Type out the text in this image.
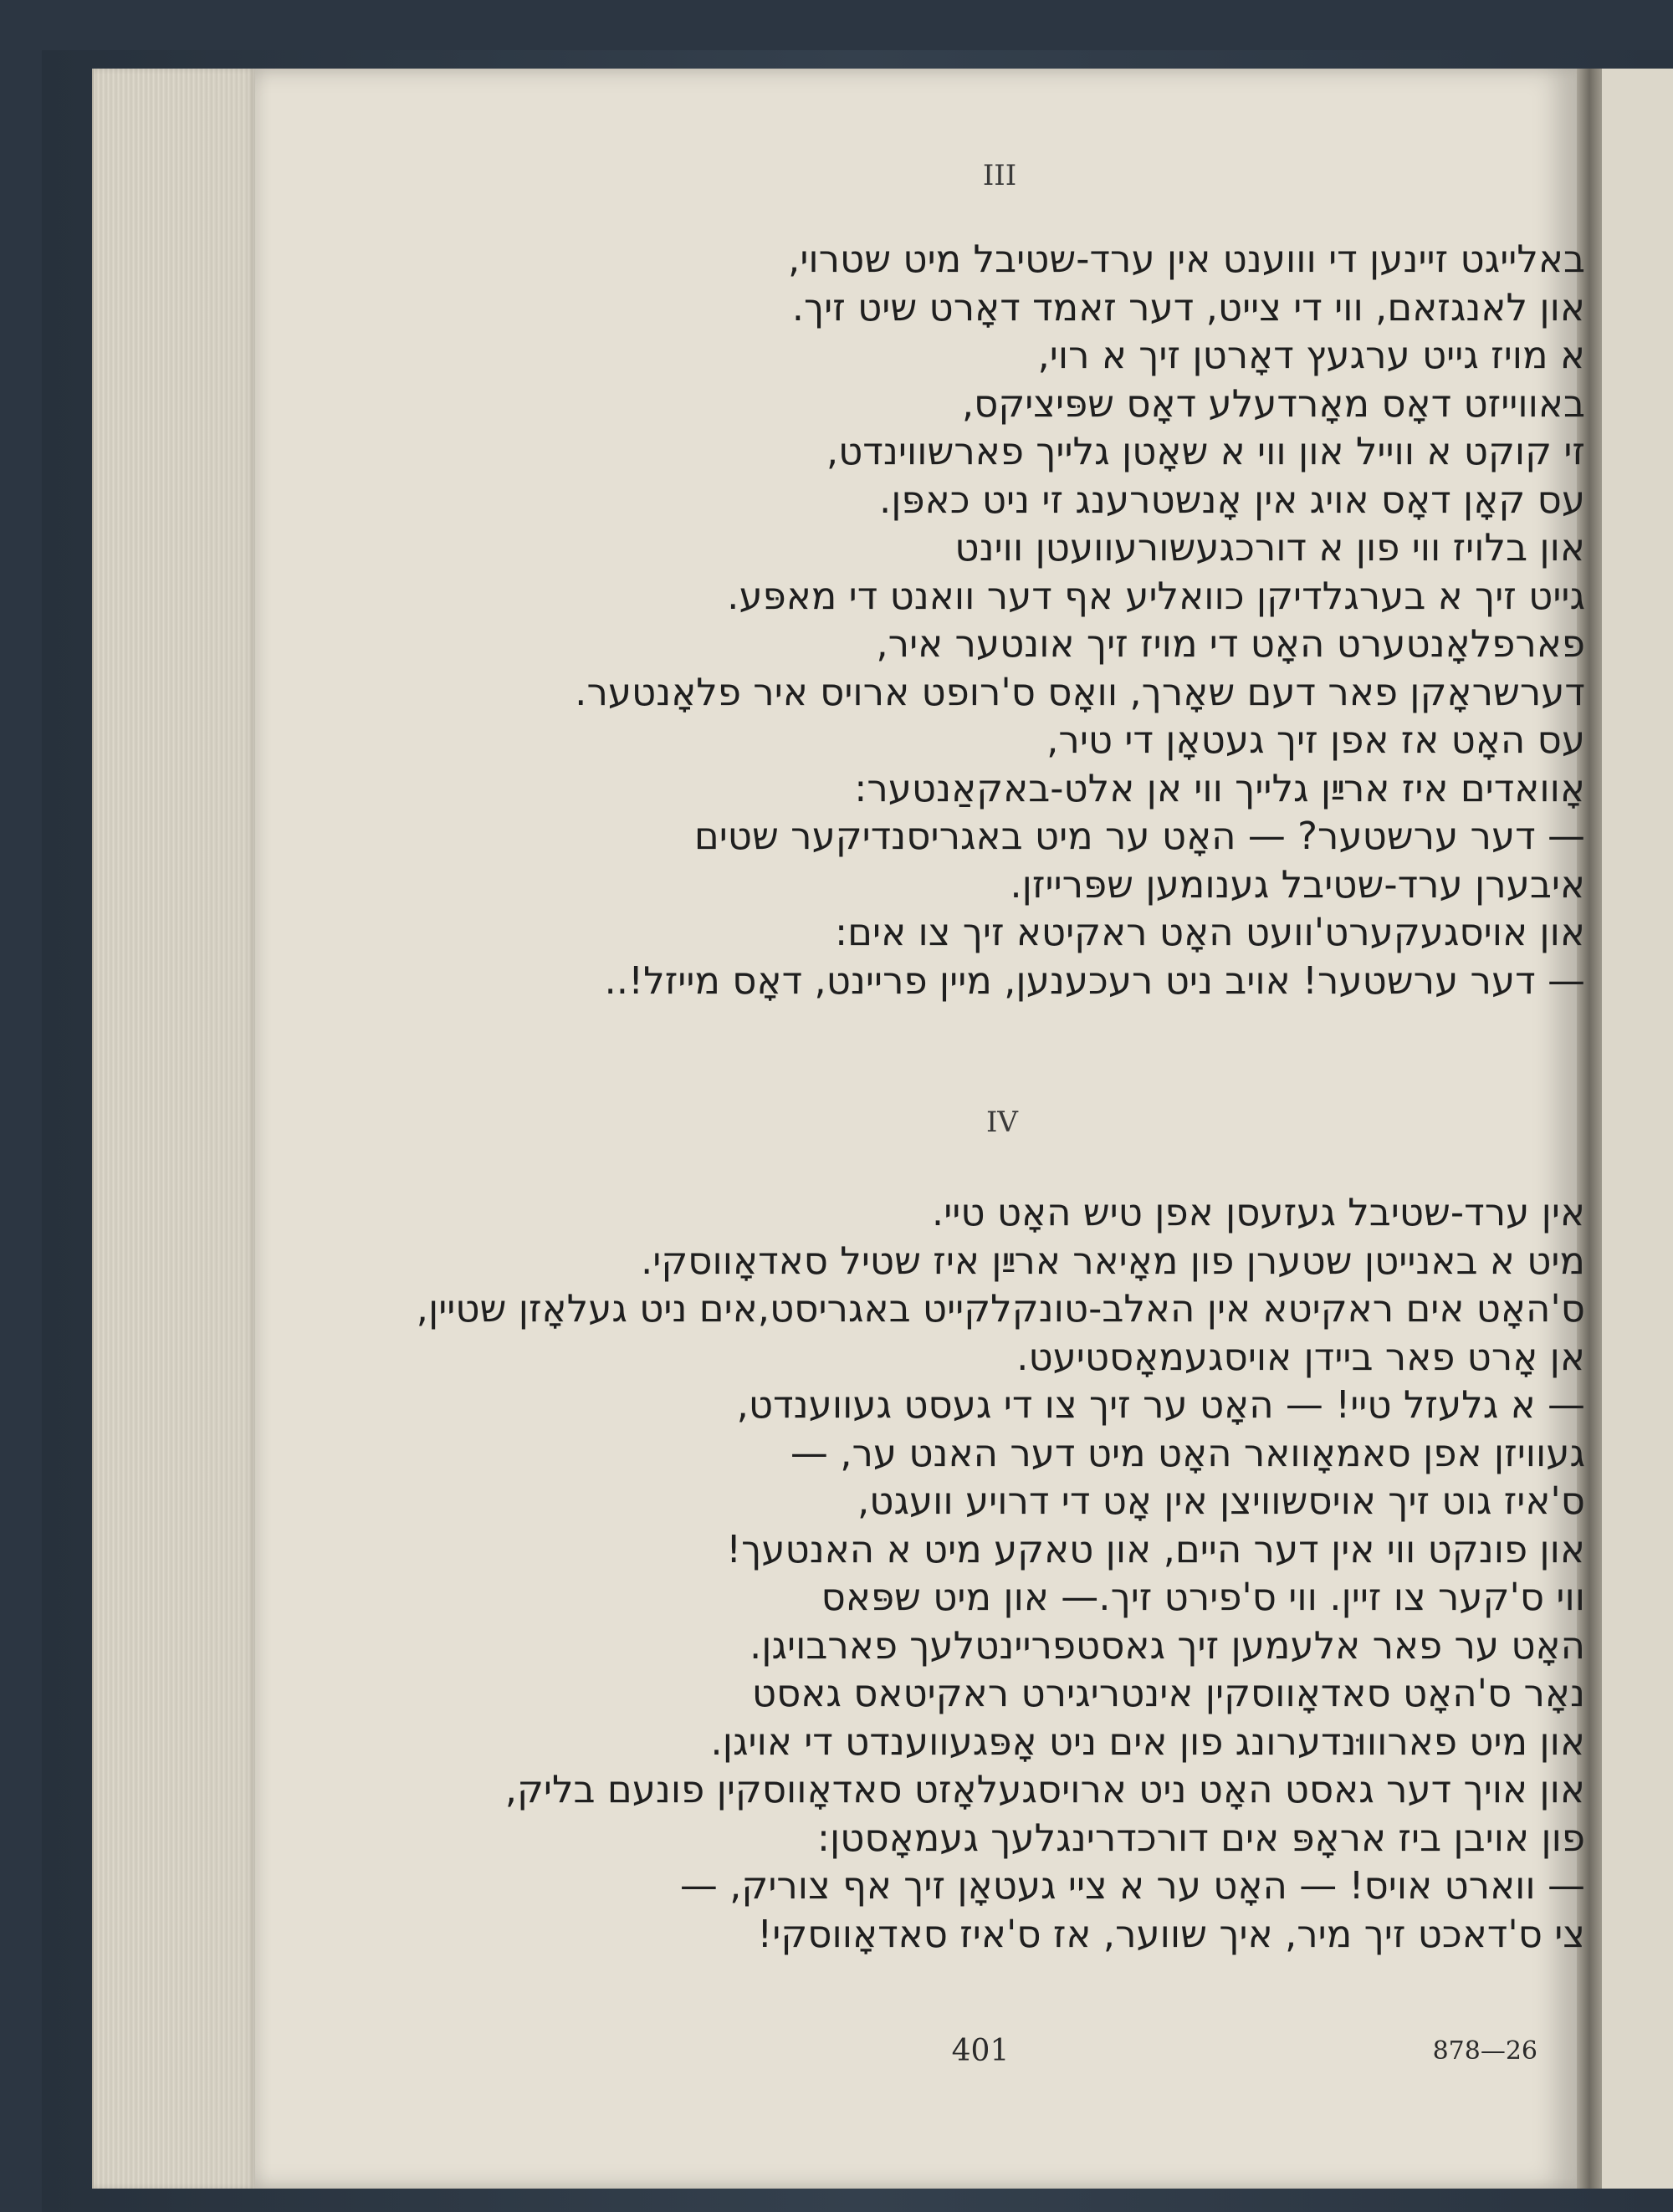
III
באלייגט זיינען די וווענט אין ערד-שטיבל מיט שטרוי,
און לאנגזאם, ווי די צייט, דער זאמד דאָרט שיט זיך.
א מויז גייט ערגעץ דאָרטן זיך א רוי,
באווייזט דאָס מאָרדעלע דאָס שפּיציקס,
זי קוקט א ווייל און ווי א שאָטן גלייך פארשווינדט,
עס קאָן דאָס אויג אין אָנשטרענג זי ניט כאפּן.
און בלויז ווי פון א דורכגעשורעוועטן ווינט
גייט זיך א בערגלדיקן כוואליע אף דער וואנט די מאפּע.
פארפלאָנטערט האָט די מויז זיך אונטער איר,
דערשראָקן פאר דעם שאָרך, וואָס ס'רופט ארויס איר פלאָנטער.
עס האָט אז אפן זיך געטאָן די טיר,
אָוואדים איז ארײַן גלייך ווי אן אלט-באקאַנטער:
— דער ערשטער? — האָט ער מיט באגריסנדיקער שטים
איבערן ערד-שטיבל גענומען שפּרייזן.
און אויסגעקערט'וועט האָט ראקיטא זיך צו אים:
— דער ערשטער! אויב ניט רעכענען, מיין פריינט, דאָס מייזל!..
IV
אין ערד-שטיבל געזעסן אפן טיש האָט טיי.
מיט א באנייטן שטערן פון מאָיאר ארײַן איז שטיל סאדאָווסקי.
ס'האָט אים ראקיטא אין האלב-טונקלקייט באגריסט,אים ניט געלאָזן שטיין,
אן אָרט פאר ביידן אויסגעמאָסטיעט.
— א גלעזל טיי! — האָט ער זיך צו די געסט געווענדט,
געוויזן אפן סאמאָוואר האָט מיט דער האנט ער, —
ס'איז גוט זיך אויסשוויצן אין אָט די דרויע וועגט,
און פונקט ווי אין דער היים, און טאקע מיט א האנטעך!
ווי ס'קער צו זיין. ווי ס'פירט זיך.— און מיט שפּאס
האָט ער פאר אלעמען זיך גאסטפריינטלעך פארבויגן.
נאָר ס'האָט סאדאָווסקין אינטריגירט ראקיטאס גאסט
און מיט פארוווּנדערונג פון אים ניט אָפּגעווענדט די אויגן.
און אויך דער גאסט האָט ניט ארויסגעלאָזט סאדאָווסקין פונעם בליק,
פון אויבן ביז אראָפּ אים דורכדרינגלעך געמאָסטן:
— ווארט אויס! — האָט ער א ציי געטאָן זיך אף צוריק, —
צי ס'דאכט זיך מיר, איך שווער, אז ס'איז סאדאָווסקי!
401	878—26
